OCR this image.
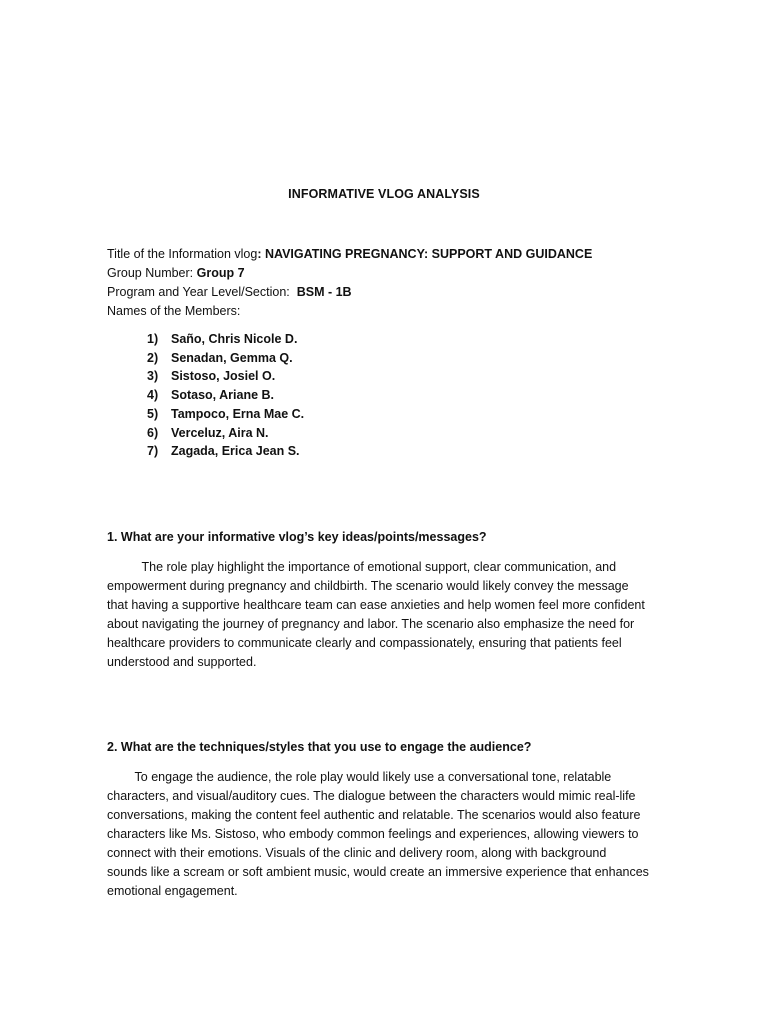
INFORMATIVE VLOG ANALYSIS
Title of the Information vlog: NAVIGATING PREGNANCY: SUPPORT AND GUIDANCE
Group Number: Group 7
Program and Year Level/Section:  BSM - 1B
Names of the Members:
1) Saño, Chris Nicole D.
2) Senadan, Gemma Q.
3) Sistoso, Josiel O.
4) Sotaso, Ariane B.
5) Tampoco, Erna Mae C.
6) Verceluz, Aira N.
7) Zagada, Erica Jean S.
1. What are your informative vlog’s key ideas/points/messages?

The role play highlight the importance of emotional support, clear communication, and
empowerment during pregnancy and childbirth. The scenario would likely convey the message
that having a supportive healthcare team can ease anxieties and help women feel more confident
about navigating the journey of pregnancy and labor. The scenario also emphasize the need for
healthcare providers to communicate clearly and compassionately, ensuring that patients feel
understood and supported.

2. What are the techniques/styles that you use to engage the audience?

To engage the audience, the role play would likely use a conversational tone, relatable
characters, and visual/auditory cues. The dialogue between the characters would mimic real-life
conversations, making the content feel authentic and relatable. The scenarios would also feature
characters like Ms. Sistoso, who embody common feelings and experiences, allowing viewers to
connect with their emotions. Visuals of the clinic and delivery room, along with background
sounds like a scream or soft ambient music, would create an immersive experience that enhances
emotional engagement.
